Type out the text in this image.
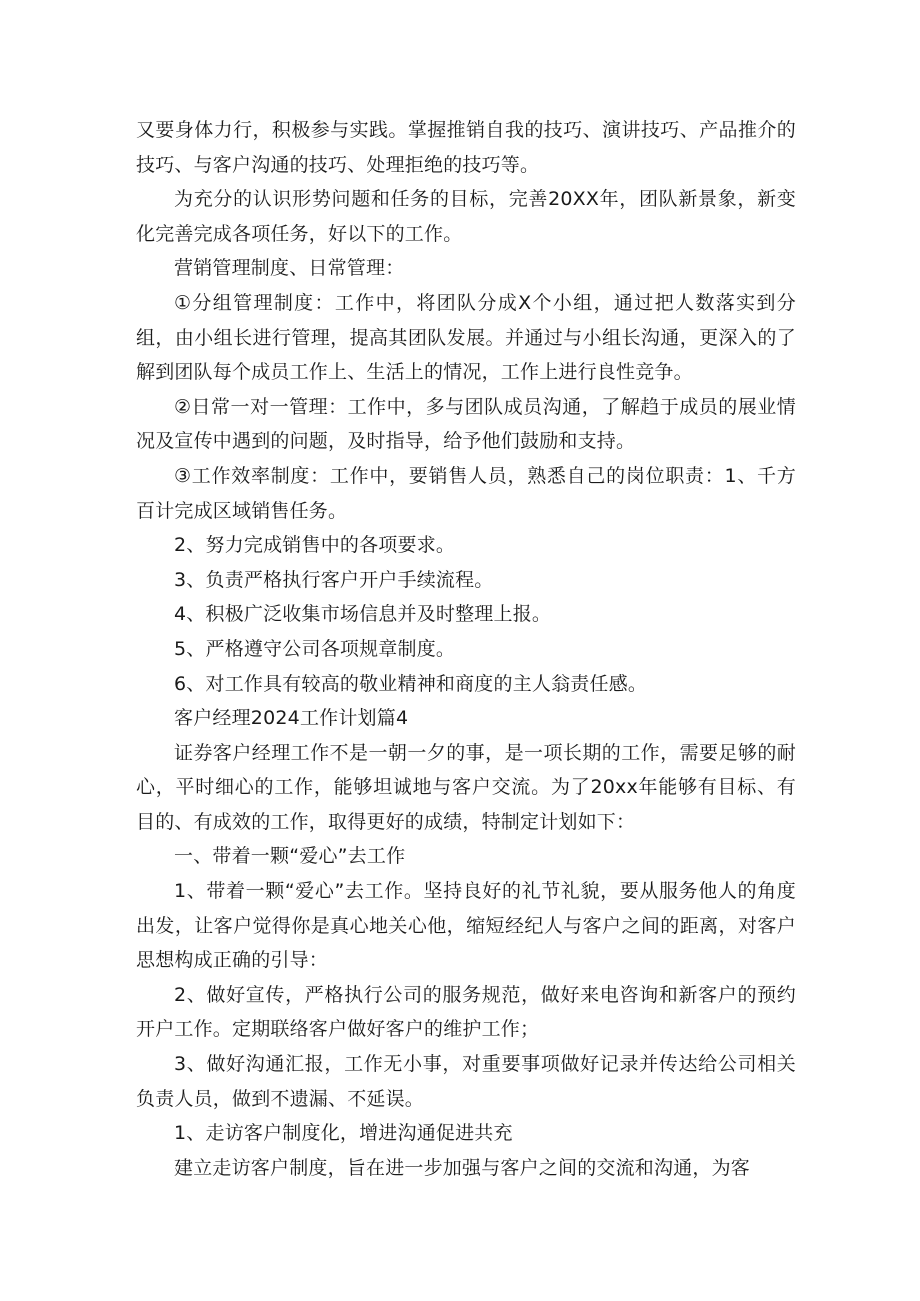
又要身体力行，积极参与实践。掌握推销自我的技巧、演讲技巧、产品推介的技巧、与客户沟通的技巧、处理拒绝的技巧等。

为充分的认识形势问题和任务的目标，完善20XX年，团队新景象，新变化完善完成各项任务，好以下的工作。

营销管理制度、日常管理：

①分组管理制度：工作中，将团队分成X个小组，通过把人数落实到分组，由小组长进行管理，提高其团队发展。并通过与小组长沟通，更深入的了解到团队每个成员工作上、生活上的情况，工作上进行良性竞争。

②日常一对一管理：工作中，多与团队成员沟通，了解趋于成员的展业情况及宣传中遇到的问题，及时指导，给予他们鼓励和支持。

③工作效率制度：工作中，要销售人员，熟悉自己的岗位职责：1、千方百计完成区域销售任务。

2、努力完成销售中的各项要求。

3、负责严格执行客户开户手续流程。

4、积极广泛收集市场信息并及时整理上报。

5、严格遵守公司各项规章制度。

6、对工作具有较高的敬业精神和商度的主人翁责任感。

客户经理2024工作计划篇4

证券客户经理工作不是一朝一夕的事，是一项长期的工作，需要足够的耐心，平时细心的工作，能够坦诚地与客户交流。为了20xx年能够有目标、有目的、有成效的工作，取得更好的成绩，特制定计划如下：

一、带着一颗“爱心”去工作

1、带着一颗“爱心”去工作。坚持良好的礼节礼貌，要从服务他人的角度出发，让客户觉得你是真心地关心他，缩短经纪人与客户之间的距离，对客户思想构成正确的引导：

2、做好宣传，严格执行公司的服务规范，做好来电咨询和新客户的预约开户工作。定期联络客户做好客户的维护工作；

3、做好沟通汇报，工作无小事，对重要事项做好记录并传达给公司相关负责人员，做到不遗漏、不延误。

1、走访客户制度化，增进沟通促进共充

建立走访客户制度，旨在进一步加强与客户之间的交流和沟通，为客
